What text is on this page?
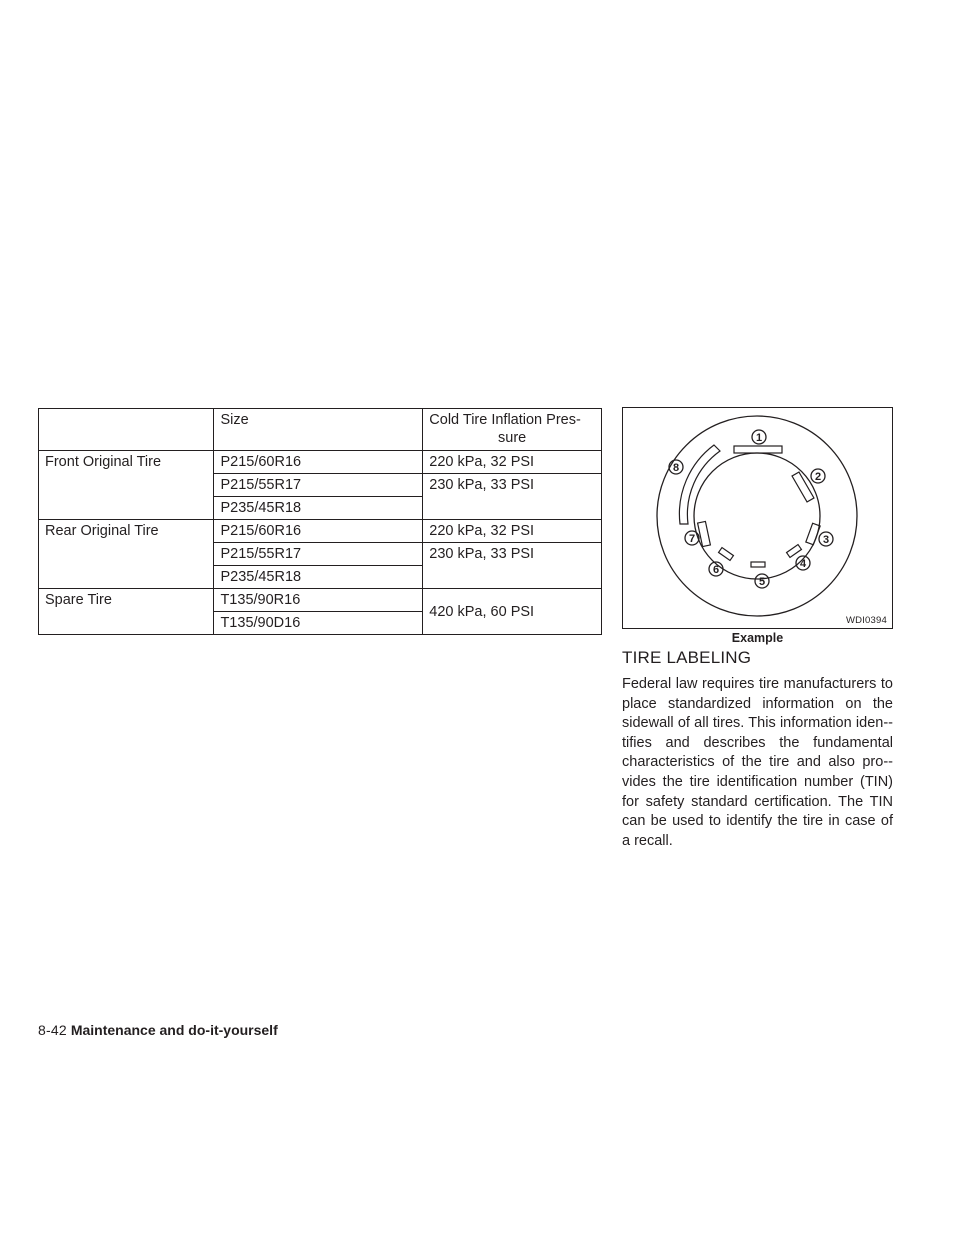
	Size	Cold Tire Inflation Pres-
sure
Front Original Tire	P215/60R16	220 kPa, 32 PSI
	P215/55R17	230 kPa, 33 PSI
	P235/45R18	
Rear Original Tire	P215/60R16	220 kPa, 32 PSI
	P215/55R17	230 kPa, 33 PSI
	P235/45R18	
Spare Tire	T135/90R16	420 kPa, 60 PSI
	T135/90D16	
1
2
3
4
5
6
7
8
WDI0394
Example
TIRE LABELING

Federal law requires tire manufacturers to place standardized information on the sidewall of all tires. This information iden-tifies and describes the fundamental characteristics of the tire and also pro-vides the tire identification number (TIN) for safety standard certification. The TIN can be used to identify the tire in case of a recall.

8-42 Maintenance and do-it-yourself
